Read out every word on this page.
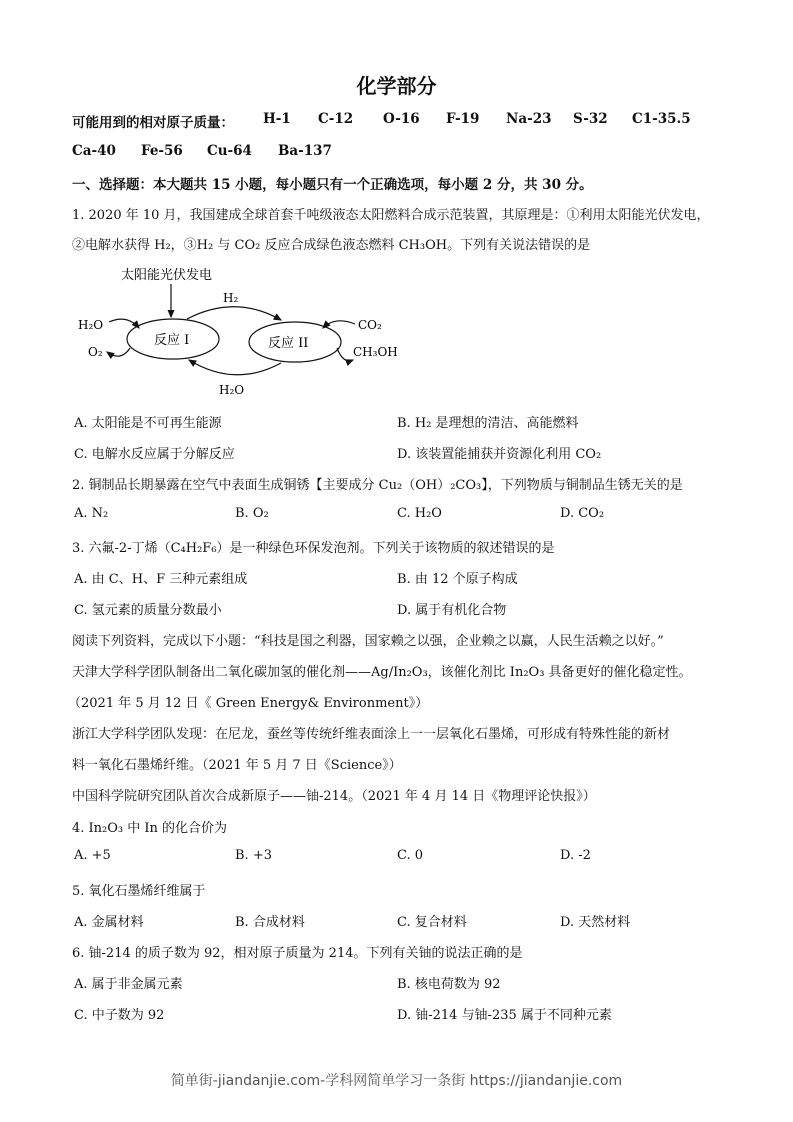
化学部分
可能用到的相对原子质量： H-1 C-12 O-16 F-19 Na-23 S-32 C1-35.5
Ca-40 Fe-56 Cu-64 Ba-137
一、选择题：本大题共 15 小题，每小题只有一个正确选项，每小题 2 分，共 30 分。
1. 2020 年 10 月，我国建成全球首套千吨级液态太阳燃料合成示范装置，其原理是：①利用太阳能光伏发电，
②电解水获得 H₂，③H₂ 与 CO₂ 反应合成绿色液态燃料 CH₃OH。下列有关说法错误的是
太阳能光伏发电
反应 I	反应 II
H₂
H₂O
H₂O
O₂
CO₂
CH₃OH
A. 太阳能是不可再生能源	B. H₂ 是理想的清洁、高能燃料
C. 电解水反应属于分解反应	D. 该装置能捕获并资源化利用 CO₂
2. 铜制品长期暴露在空气中表面生成铜锈【主要成分 Cu₂（OH）₂CO₃】，下列物质与铜制品生锈无关的是
A. N₂	B. O₂	C. H₂O	D. CO₂
3. 六氟-2-丁烯（C₄H₂F₆）是一种绿色环保发泡剂。下列关于该物质的叙述错误的是
A. 由 C、H、F 三种元素组成	B. 由 12 个原子构成
C. 氢元素的质量分数最小	D. 属于有机化合物
阅读下列资料，完成以下小题：“科技是国之利器，国家赖之以强，企业赖之以赢，人民生活赖之以好。”
天津大学科学团队制备出二氧化碳加氢的催化剂——Ag/In₂O₃，该催化剂比 In₂O₃ 具备更好的催化稳定性。
（2021 年 5 月 12 日《 Green Energy& Environment》）
浙江大学科学团队发现：在尼龙，蚕丝等传统纤维表面涂上一一层氧化石墨烯，可形成有特殊性能的新材
料一氧化石墨烯纤维。（2021 年 5 月 7 日《Science》）
中国科学院研究团队首次合成新原子——铀-214。（2021 年 4 月 14 日《物理评论快报》）
4. In₂O₃ 中 In 的化合价为
A. +5	B. +3	C. 0	D. -2
5. 氧化石墨烯纤维属于
A. 金属材料	B. 合成材料	C. 复合材料	D. 天然材料
6. 铀-214 的质子数为 92，相对原子质量为 214。下列有关铀的说法正确的是
A. 属于非金属元素	B. 核电荷数为 92
C. 中子数为 92	D. 铀-214 与铀-235 属于不同种元素
简单街-jiandanjie.com-学科网简单学习一条街 https://jiandanjie.com
